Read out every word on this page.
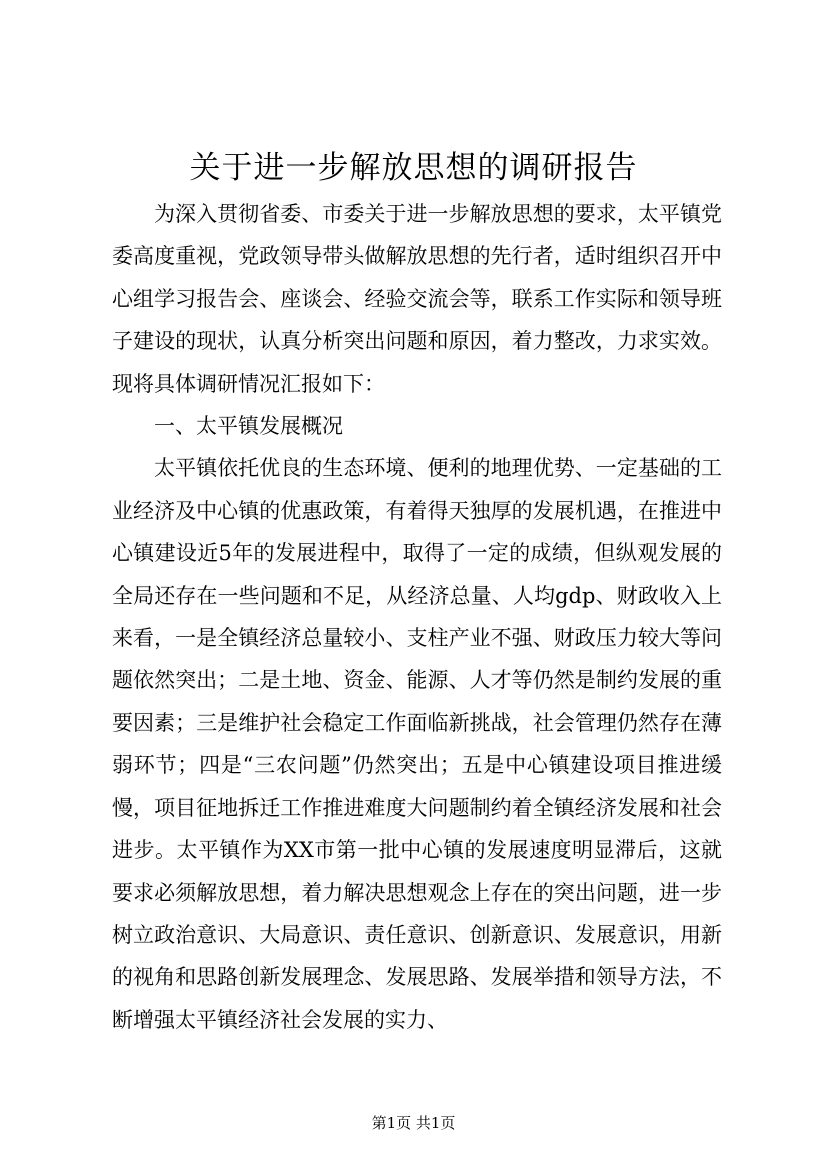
关于进一步解放思想的调研报告

为深入贯彻省委、市委关于进一步解放思想的要求，太平镇党委高度重视，党政领导带头做解放思想的先行者，适时组织召开中心组学习报告会、座谈会、经验交流会等，联系工作实际和领导班子建设的现状，认真分析突出问题和原因，着力整改，力求实效。现将具体调研情况汇报如下：

一、太平镇发展概况

太平镇依托优良的生态环境、便利的地理优势、一定基础的工业经济及中心镇的优惠政策，有着得天独厚的发展机遇，在推进中心镇建设近5年的发展进程中，取得了一定的成绩，但纵观发展的全局还存在一些问题和不足，从经济总量、人均gdp、财政收入上来看，一是全镇经济总量较小、支柱产业不强、财政压力较大等问题依然突出；二是土地、资金、能源、人才等仍然是制约发展的重要因素；三是维护社会稳定工作面临新挑战，社会管理仍然存在薄弱环节；四是“三农问题”仍然突出；五是中心镇建设项目推进缓慢，项目征地拆迁工作推进难度大问题制约着全镇经济发展和社会进步。太平镇作为XX市第一批中心镇的发展速度明显滞后，这就要求必须解放思想，着力解决思想观念上存在的突出问题，进一步树立政治意识、大局意识、责任意识、创新意识、发展意识，用新的视角和思路创新发展理念、发展思路、发展举措和领导方法，不断增强太平镇经济社会发展的实力、

第1页 共1页
